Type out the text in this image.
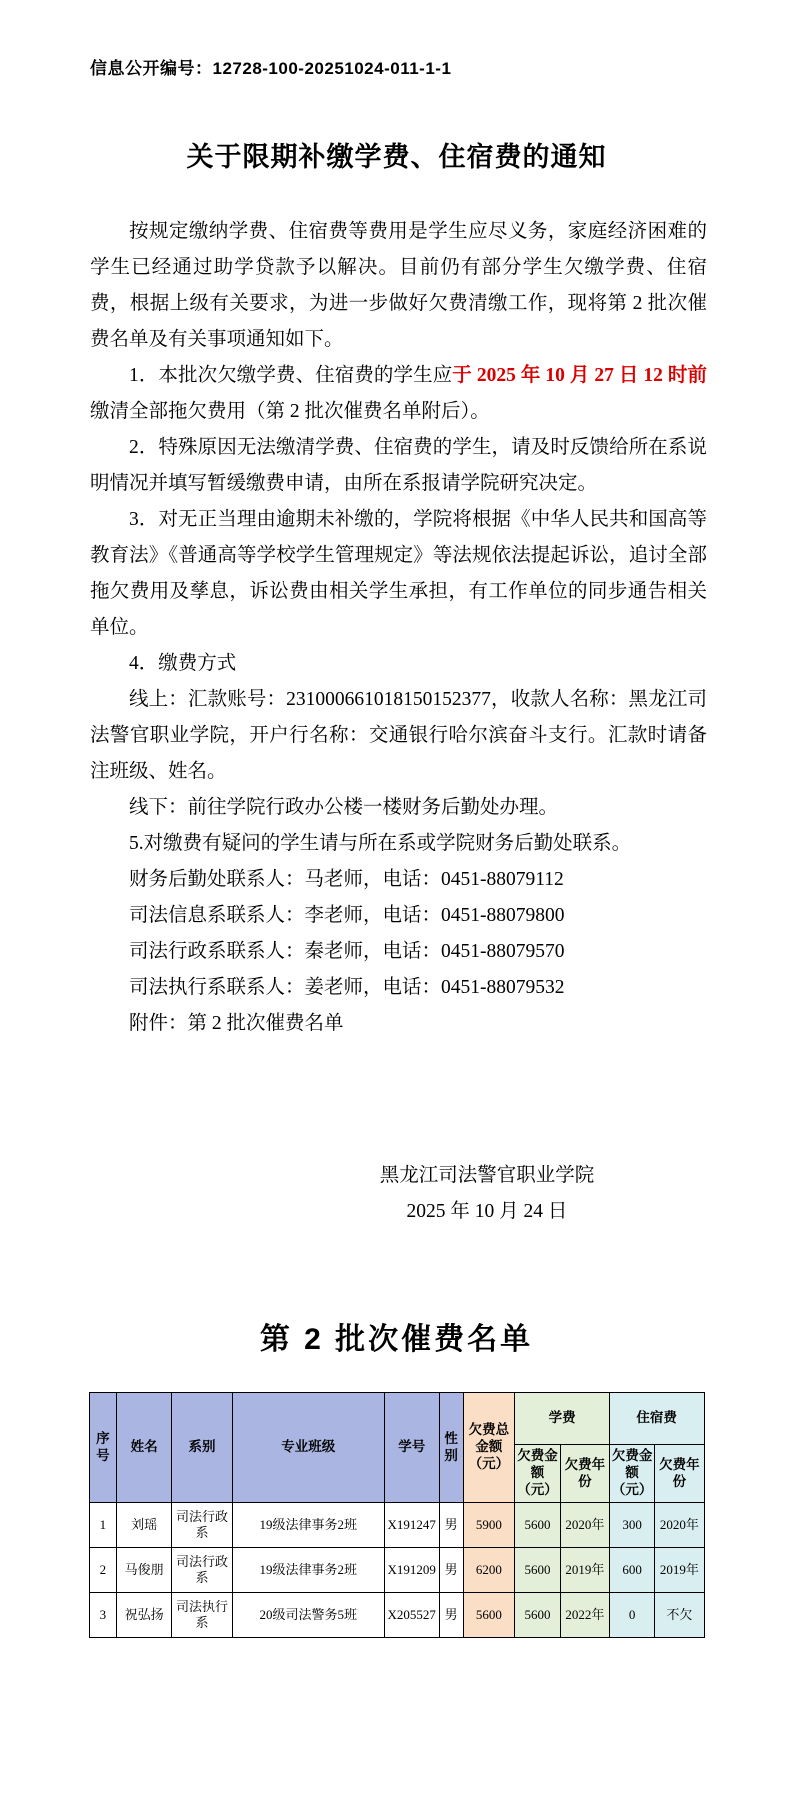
信息公开编号：12728-100-20251024-011-1-1
关于限期补缴学费、住宿费的通知

按规定缴纳学费、住宿费等费用是学生应尽义务，家庭经济困难的学生已经通过助学贷款予以解决。目前仍有部分学生欠缴学费、住宿费，根据上级有关要求，为进一步做好欠费清缴工作，现将第 2 批次催费名单及有关事项通知如下。

1．本批次欠缴学费、住宿费的学生应于 2025 年 10 月 27 日 12 时前缴清全部拖欠费用（第 2 批次催费名单附后）。

2．特殊原因无法缴清学费、住宿费的学生，请及时反馈给所在系说明情况并填写暂缓缴费申请，由所在系报请学院研究决定。

3．对无正当理由逾期未补缴的，学院将根据《中华人民共和国高等教育法》《普通高等学校学生管理规定》等法规依法提起诉讼，追讨全部拖欠费用及孳息，诉讼费由相关学生承担，有工作单位的同步通告相关单位。

4．缴费方式

线上：汇款账号：231000661018150152377，收款人名称：黑龙江司法警官职业学院，开户行名称：交通银行哈尔滨奋斗支行。汇款时请备注班级、姓名。

线下：前往学院行政办公楼一楼财务后勤处办理。

5.对缴费有疑问的学生请与所在系或学院财务后勤处联系。

财务后勤处联系人：马老师，电话：0451-88079112

司法信息系联系人：李老师，电话：0451-88079800

司法行政系联系人：秦老师，电话：0451-88079570

司法执行系联系人：姜老师，电话：0451-88079532

附件：第 2 批次催费名单

黑龙江司法警官职业学院
2025 年 10 月 24 日
第 2 批次催费名单
序号	姓名	系别	专业班级	学号	性别	欠费总金额（元）	学费		住宿费	
							欠费金额（元）	欠费年份	欠费金额（元）	欠费年份
1	刘瑶	司法行政系	19级法律事务2班	X191247	男	5900	5600	2020年	300	2020年
2	马俊朋	司法行政系	19级法律事务2班	X191209	男	6200	5600	2019年	600	2019年
3	祝弘扬	司法执行系	20级司法警务5班	X205527	男	5600	5600	2022年	0	不欠
